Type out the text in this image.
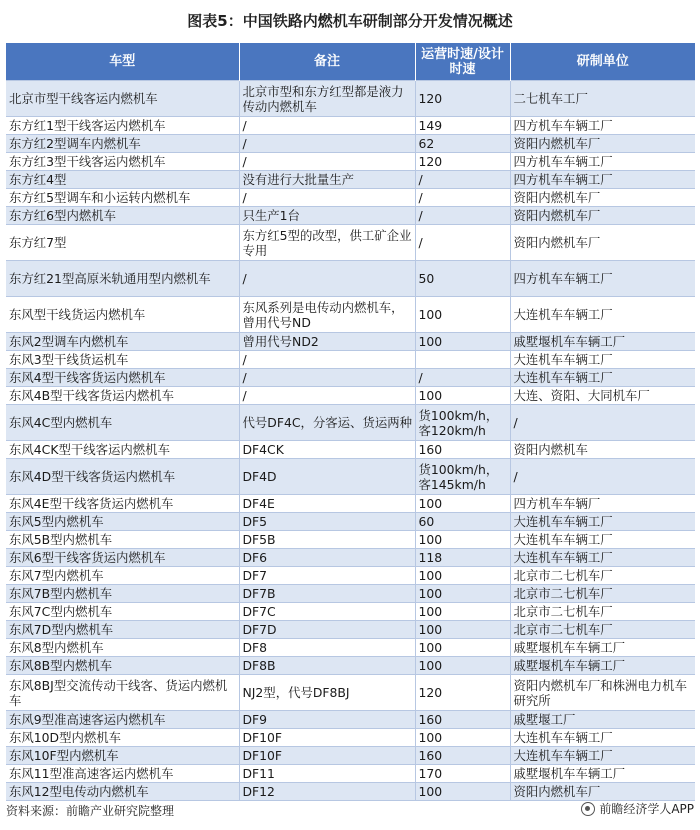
图表5：中国铁路内燃机车研制部分开发情况概述
车型	备注	运营时速/设计时速	研制单位
北京市型干线客运内燃机车	北京市型和东方红型都是液力传动内燃机车	120	二七机车工厂
东方红1型干线客运内燃机车	/	149	四方机车车辆工厂
东方红2型调车内燃机车	/	62	资阳内燃机车厂
东方红3型干线客运内燃机车	/	120	四方机车车辆工厂
东方红4型	没有进行大批量生产	/	四方机车车辆工厂
东方红5型调车和小运转内燃机车	/	/	资阳内燃机车厂
东方红6型内燃机车	只生产1台	/	资阳内燃机车厂
东方红7型	东方红5型的改型，供工矿企业专用	/	资阳内燃机车厂
东方红21型高原米轨通用型内燃机车	/	50	四方机车车辆工厂
东风型干线货运内燃机车	东风系列是电传动内燃机车，曾用代号ND	100	大连机车车辆工厂
东风2型调车内燃机车	曾用代号ND2	100	戚墅堰机车车辆工厂
东风3型干线货运机车	/		大连机车车辆工厂
东风4型干线客货运内燃机车	/	/	大连机车车辆工厂
东风4B型干线客货运内燃机车	/	100	大连、资阳、大同机车厂
东风4C型内燃机车	代号DF4C，分客运、货运两种	货100km/h，客120km/h	/
东风4CK型干线客运内燃机车	DF4CK	160	资阳内燃机车
东风4D型干线客货运内燃机车	DF4D	货100km/h，客145km/h	/
东风4E型干线客货运内燃机车	DF4E	100	四方机车车辆厂
东风5型内燃机车	DF5	60	大连机车车辆工厂
东风5B型内燃机车	DF5B	100	大连机车车辆工厂
东风6型干线客货运内燃机车	DF6	118	大连机车车辆工厂
东风7型内燃机车	DF7	100	北京市二七机车厂
东风7B型内燃机车	DF7B	100	北京市二七机车厂
东风7C型内燃机车	DF7C	100	北京市二七机车厂
东风7D型内燃机车	DF7D	100	北京市二七机车厂
东风8型内燃机车	DF8	100	戚墅堰机车车辆工厂
东风8B型内燃机车	DF8B	100	戚墅堰机车车辆工厂
东风8BJ型交流传动干线客、货运内燃机车	NJ2型，代号DF8BJ	120	资阳内燃机车厂和株洲电力机车研究所
东风9型准高速客运内燃机车	DF9	160	戚墅堰工厂
东风10D型内燃机车	DF10F	100	大连机车车辆工厂
东风10F型内燃机车	DF10F	160	大连机车车辆工厂
东风11型准高速客运内燃机车	DF11	170	戚墅堰机车车辆工厂
东风12型电传动内燃机车	DF12	100	资阳内燃机车厂
资料来源：前瞻产业研究院整理	前瞻经济学人APP
